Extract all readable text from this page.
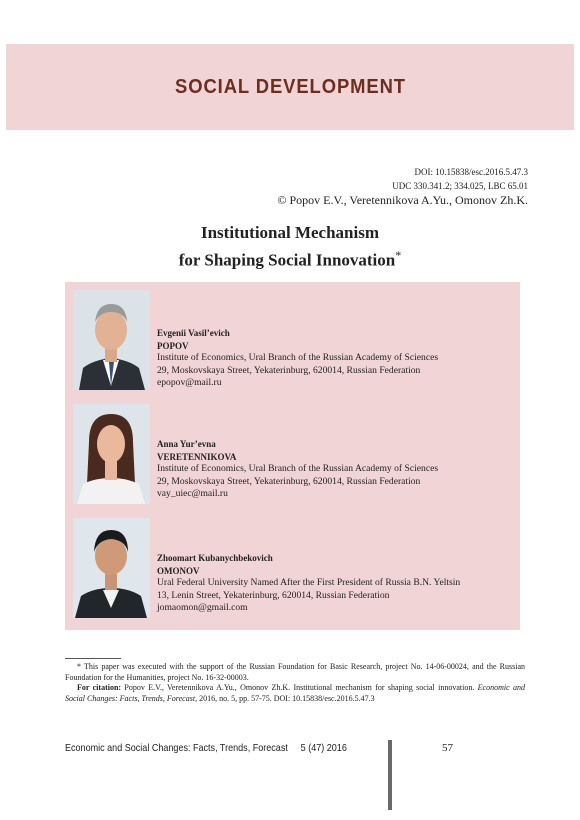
SOCIAL DEVELOPMENT
DOI: 10.15838/esc.2016.5.47.3
UDC 330.341.2; 334.025, LBC 65.01
© Popov E.V., Veretennikova A.Yu., Omonov Zh.K.
Institutional Mechanism
for Shaping Social Innovation*
Evgenii Vasil’evich
POPOV
Institute of Economics, Ural Branch of the Russian Academy of Sciences
29, Moskovskaya Street, Yekaterinburg, 620014, Russian Federation
epopov@mail.ru
Anna Yur’evna
VERETENNIKOVA
Institute of Economics, Ural Branch of the Russian Academy of Sciences
29, Moskovskaya Street, Yekaterinburg, 620014, Russian Federation
vay_uiec@mail.ru
Zhoomart Kubanychbekovich
OMONOV
Ural Federal University Named After the First President of Russia B.N. Yeltsin
13, Lenin Street, Yekaterinburg, 620014, Russian Federation
jomaomon@gmail.com

* This paper was executed with the support of the Russian Foundation for Basic Research, project No. 14-06-00024, and the Russian Foundation for the Humanities, project No. 16-32-00003.

For citation: Popov E.V., Veretennikova A.Yu., Omonov Zh.K. Institutional mechanism for shaping social innovation. Economic and Social Changes: Facts, Trends, Forecast, 2016, no. 5, pp. 57-75. DOI: 10.15838/esc.2016.5.47.3

Economic and Social Changes: Facts, Trends, Forecast 5 (47) 2016	57
